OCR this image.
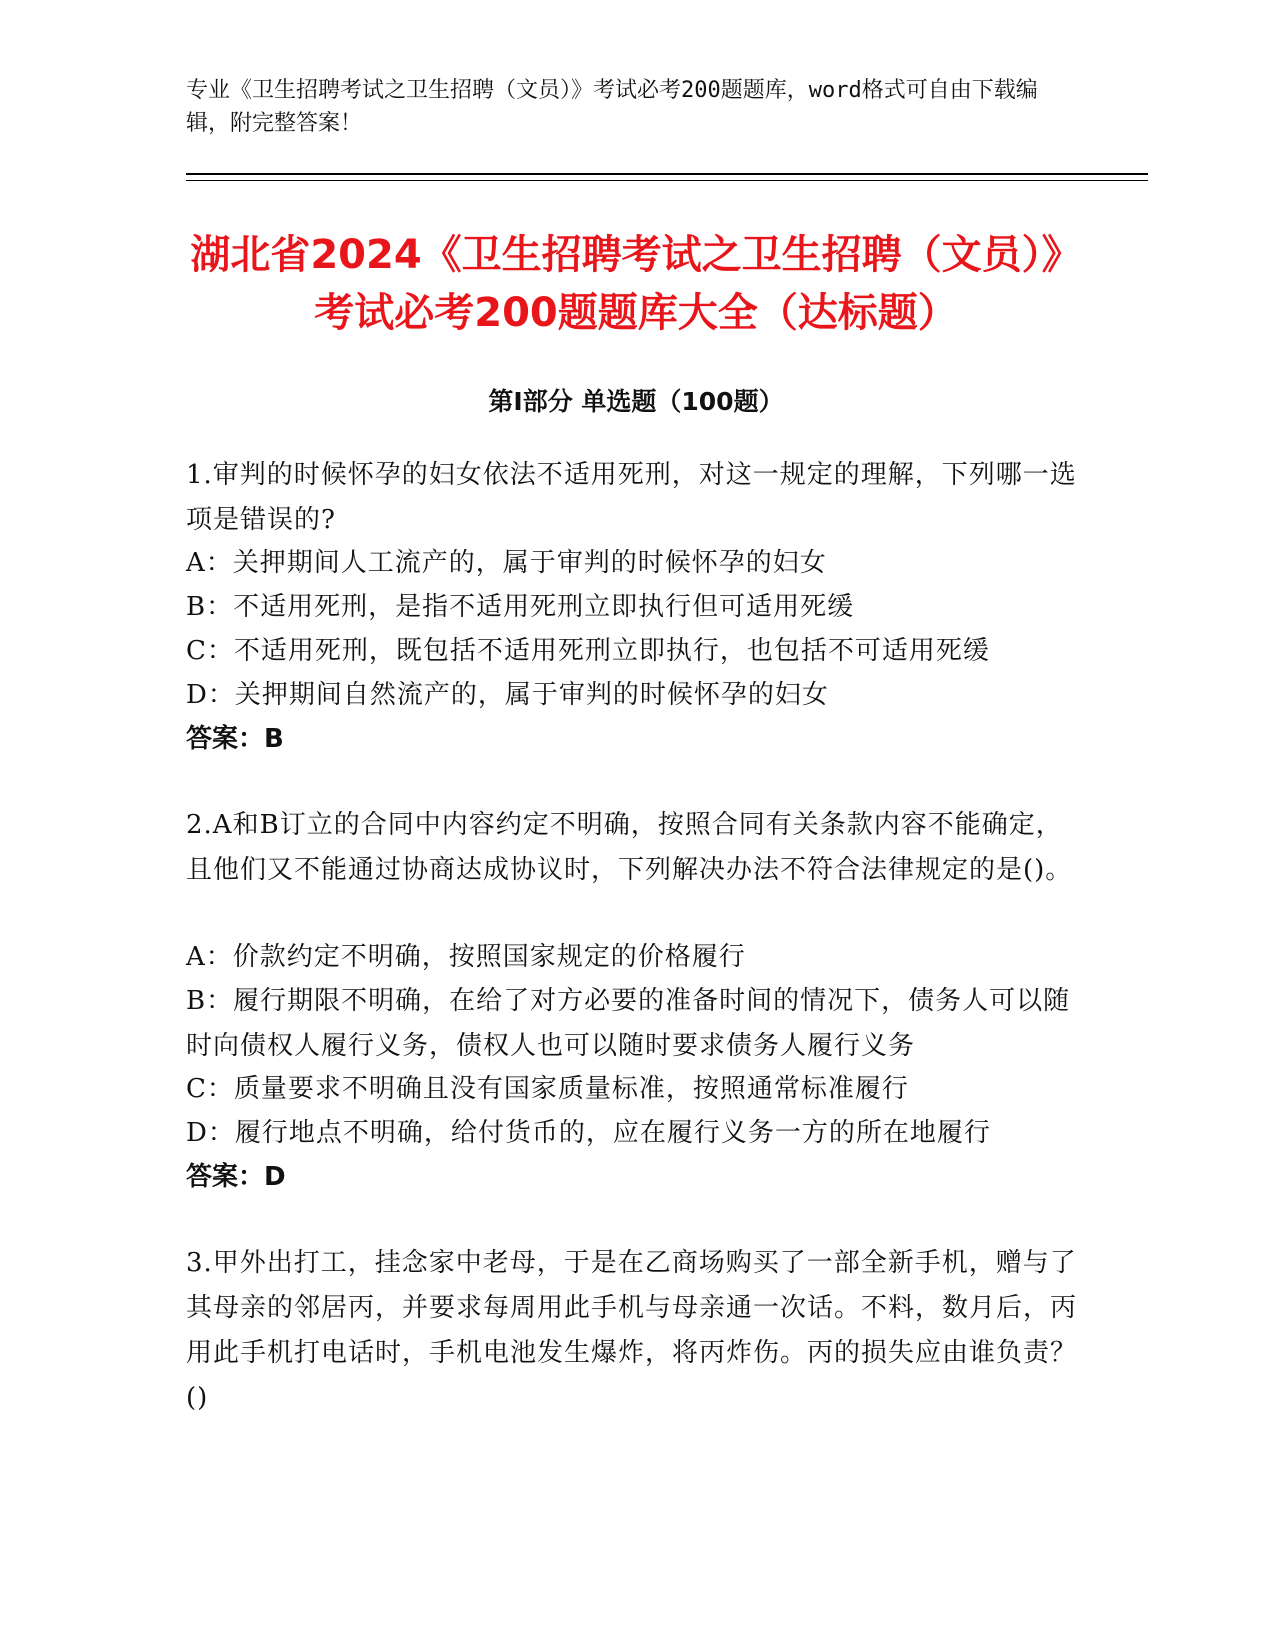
专业《卫生招聘考试之卫生招聘（文员）》考试必考200题题库，word格式可自由下载编辑，附完整答案！
湖北省2024《卫生招聘考试之卫生招聘（文员）》考试必考200题题库大全（达标题）
第Ⅰ部分 单选题（100题）

1.审判的时候怀孕的妇女依法不适用死刑，对这一规定的理解，下列哪一选项是错误的?

A：关押期间人工流产的，属于审判的时候怀孕的妇女

B：不适用死刑，是指不适用死刑立即执行但可适用死缓

C：不适用死刑，既包括不适用死刑立即执行，也包括不可适用死缓

D：关押期间自然流产的，属于审判的时候怀孕的妇女

答案：B

2.A和B订立的合同中内容约定不明确，按照合同有关条款内容不能确定，且他们又不能通过协商达成协议时，下列解决办法不符合法律规定的是()。

A：价款约定不明确，按照国家规定的价格履行

B：履行期限不明确，在给了对方必要的准备时间的情况下，债务人可以随时向债权人履行义务，债权人也可以随时要求债务人履行义务

C：质量要求不明确且没有国家质量标准，按照通常标准履行

D：履行地点不明确，给付货币的，应在履行义务一方的所在地履行

答案：D

3.甲外出打工，挂念家中老母，于是在乙商场购买了一部全新手机，赠与了其母亲的邻居丙，并要求每周用此手机与母亲通一次话。不料，数月后，丙用此手机打电话时，手机电池发生爆炸，将丙炸伤。丙的损失应由谁负责？()
